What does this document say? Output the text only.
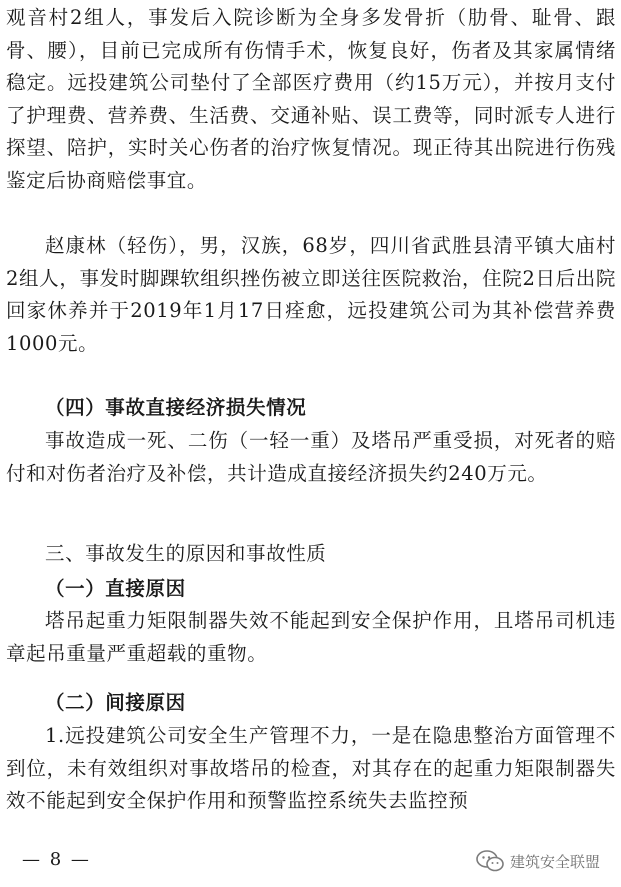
观音村2组人，事发后入院诊断为全身多发骨折（肋骨、耻骨、跟骨、腰），目前已完成所有伤情手术，恢复良好，伤者及其家属情绪稳定。远投建筑公司垫付了全部医疗费用（约15万元），并按月支付了护理费、营养费、生活费、交通补贴、误工费等，同时派专人进行探望、陪护，实时关心伤者的治疗恢复情况。现正待其出院进行伤残鉴定后协商赔偿事宜。

赵康林（轻伤），男，汉族，68岁，四川省武胜县清平镇大庙村2组人，事发时脚踝软组织挫伤被立即送往医院救治，住院2日后出院回家休养并于2019年1月17日痊愈，远投建筑公司为其补偿营养费1000元。

（四）事故直接经济损失情况

事故造成一死、二伤（一轻一重）及塔吊严重受损，对死者的赔付和对伤者治疗及补偿，共计造成直接经济损失约240万元。

三、事故发生的原因和事故性质

（一）直接原因

塔吊起重力矩限制器失效不能起到安全保护作用，且塔吊司机违章起吊重量严重超载的重物。

（二）间接原因

1.远投建筑公司安全生产管理不力，一是在隐患整治方面管理不到位，未有效组织对事故塔吊的检查，对其存在的起重力矩限制器失效不能起到安全保护作用和预警监控系统失去监控预

— 8 —	建筑安全联盟
